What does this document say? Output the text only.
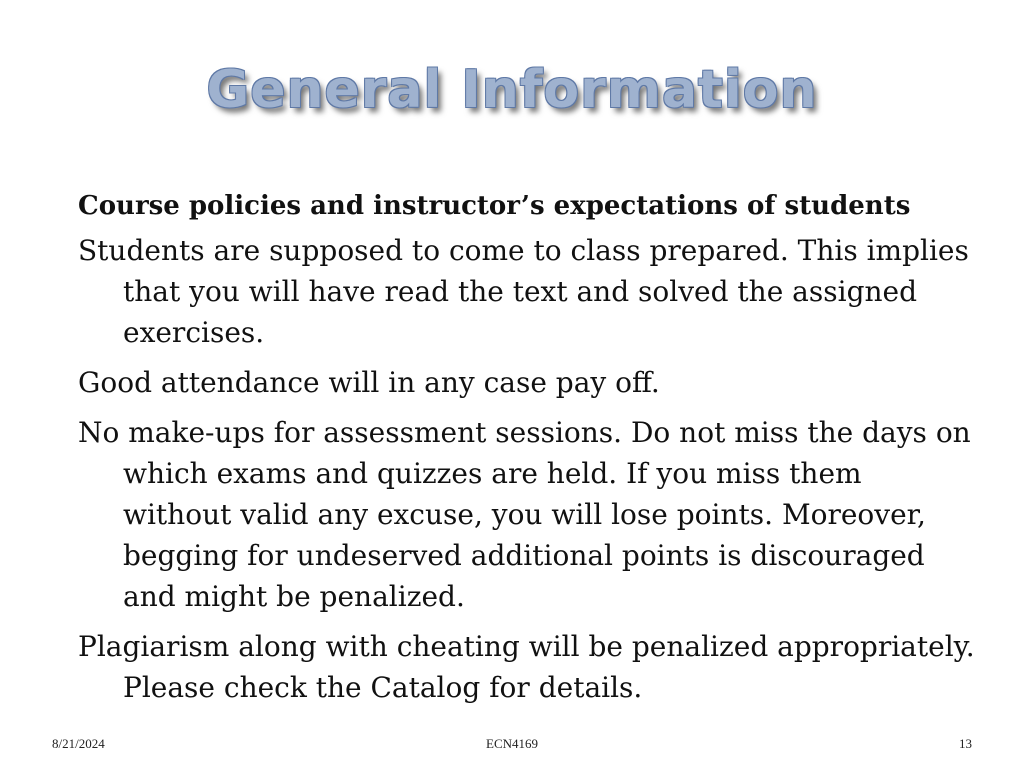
General Information
Course policies and instructor’s expectations of students
Students are supposed to come to class prepared. This implies that you will have read the text and solved the assigned exercises.
Good attendance will in any case pay off.
No make-ups for assessment sessions. Do not miss the days on which exams and quizzes are held. If you miss them without valid any excuse, you will lose points. Moreover, begging for undeserved additional points is discouraged and might be penalized.
Plagiarism along with cheating will be penalized appropriately. Please check the Catalog for details.
8/21/2024	ECN4169	13
